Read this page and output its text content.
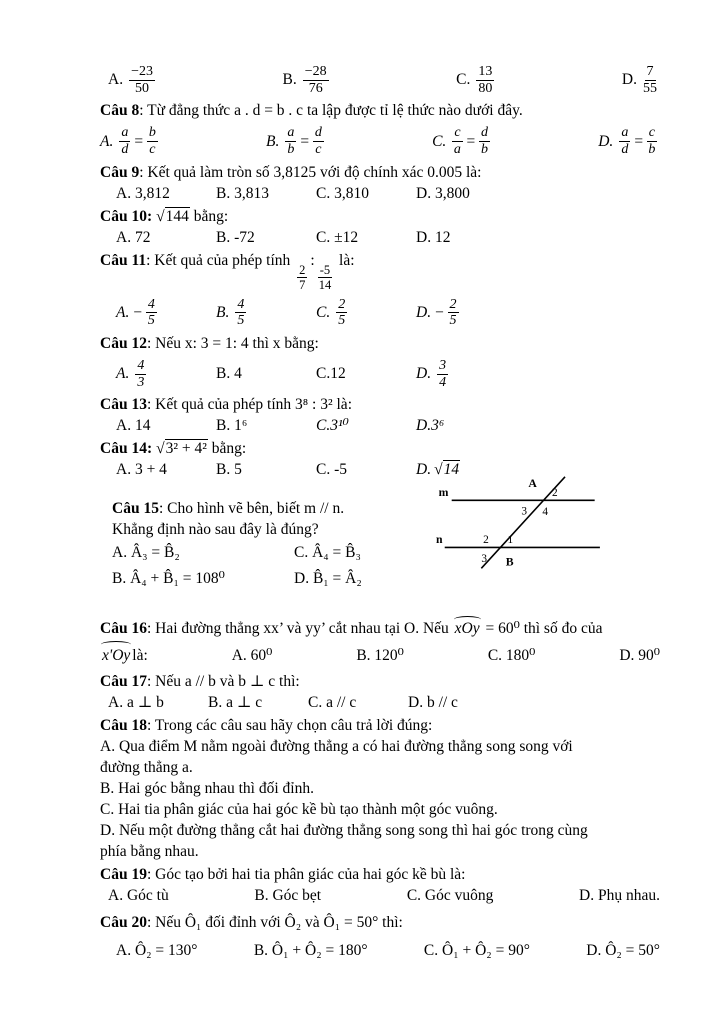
A. $\frac{-23}{50}$	B. $\frac{-28}{76}$	C. $\frac{13}{80}$	D. $\frac{7}{55}$

Câu 8: Từ đẳng thức a . d = b . c ta lập được tỉ lệ thức nào dưới đây.

A. $\frac{a}{d} = \frac{b}{c}$	B. $\frac{a}{b} = \frac{d}{c}$	C. $\frac{c}{a} = \frac{d}{b}$	D. $\frac{a}{d} = \frac{c}{b}$

Câu 9: Kết quả làm tròn số 3,8125 với độ chính xác 0.005 là:

A. 3,812	B. 3,813	C. 3,810	D. 3,800

Câu 10: √144 bằng:

A. 72	B. -72	C. ±12	D. 12

Câu 11: Kết quả của phép tính
$\frac{2}{7}$
:
$\frac{-5}{14}$
là:

A. − $\frac{4}{5}$	B. $\frac{4}{5}$	C. $\frac{2}{5}$	D. − $\frac{2}{5}$

Câu 12: Nếu x: 3 = 1: 4 thì x bằng:

A. $\frac{4}{3}$	B. 4	C.12	D. $\frac{3}{4}$

Câu 13: Kết quả của phép tính 3⁸ : 3² là:

A. 14	B. 1⁶	C.3¹⁰	D.3⁶

Câu 14: √3² + 4² bằng:

A. 3 + 4	B. 5	C. -5	D. √14
m
n
A
2
3 4
2 1
3 B

Câu 15: Cho hình vẽ bên, biết m // n.

Khẳng định nào sau đây là đúng?

A. Â₃ = B̂₂	C. Â₄ = B̂₃
B. Â₄ + B̂₁ = 108⁰	D. B̂₁ = Â₂

Câu 16: Hai đường thẳng xx’ và yy’ cắt nhau tại O. Nếu xOy = 60⁰ thì số đo của

x'Oy là:	A. 60⁰	B. 120⁰	C. 180⁰	D. 90⁰

Câu 17: Nếu a // b và b ⊥ c thì:

A. a ⊥ b	B. a ⊥ c	C. a // c	D. b // c

Câu 18: Trong các câu sau hãy chọn câu trả lời đúng:

A. Qua điểm M nằm ngoài đường thẳng a có hai đường thẳng song song với

đường thẳng a.

B. Hai góc bằng nhau thì đối đỉnh.

C. Hai tia phân giác của hai góc kề bù tạo thành một góc vuông.

D. Nếu một đường thẳng cắt hai đường thẳng song song thì hai góc trong cùng

phía bằng nhau.

Câu 19: Góc tạo bởi hai tia phân giác của hai góc kề bù là:

A. Góc tù	B. Góc bẹt	C. Góc vuông	D. Phụ nhau.

Câu 20: Nếu Ô₁ đối đỉnh với Ô₂ và Ô₁ = 50° thì:

A. Ô₂ = 130°	B. Ô₁ + Ô₂ = 180°	C. Ô₁ + Ô₂ = 90°	D. Ô₂ = 50°
